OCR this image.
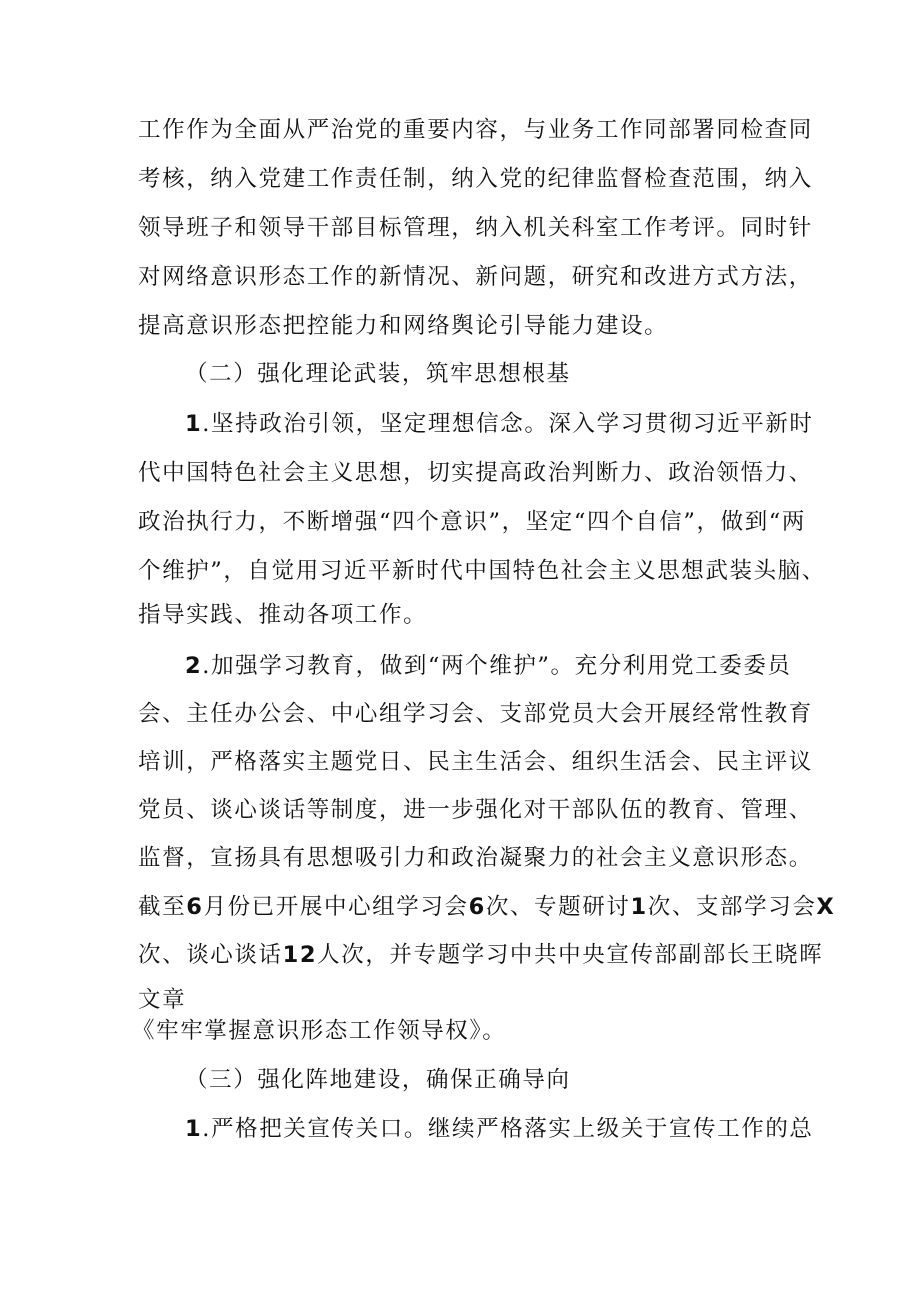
工作作为全面从严治党的重要内容，与业务工作同部署同检查同
考核，纳入党建工作责任制，纳入党的纪律监督检查范围，纳入
领导班子和领导干部目标管理，纳入机关科室工作考评。同时针
对网络意识形态工作的新情况、新问题，研究和改进方式方法，
提高意识形态把控能力和网络舆论引导能力建设。
（二）强化理论武装，筑牢思想根基
1.坚持政治引领，坚定理想信念。深入学习贯彻习近平新时
代中国特色社会主义思想，切实提高政治判断力、政治领悟力、
政治执行力，不断增强“四个意识”，坚定“四个自信”，做到“两
个维护”，自觉用习近平新时代中国特色社会主义思想武装头脑、
指导实践、推动各项工作。
2.加强学习教育，做到“两个维护”。充分利用党工委委员
会、主任办公会、中心组学习会、支部党员大会开展经常性教育
培训，严格落实主题党日、民主生活会、组织生活会、民主评议
党员、谈心谈话等制度，进一步强化对干部队伍的教育、管理、
监督，宣扬具有思想吸引力和政治凝聚力的社会主义意识形态。
截至6月份已开展中心组学习会6次、专题研讨1次、支部学习会X
次、谈心谈话12人次，并专题学习中共中央宣传部副部长王晓晖
文章
《牢牢掌握意识形态工作领导权》。
（三）强化阵地建设，确保正确导向
1.严格把关宣传关口。继续严格落实上级关于宣传工作的总
